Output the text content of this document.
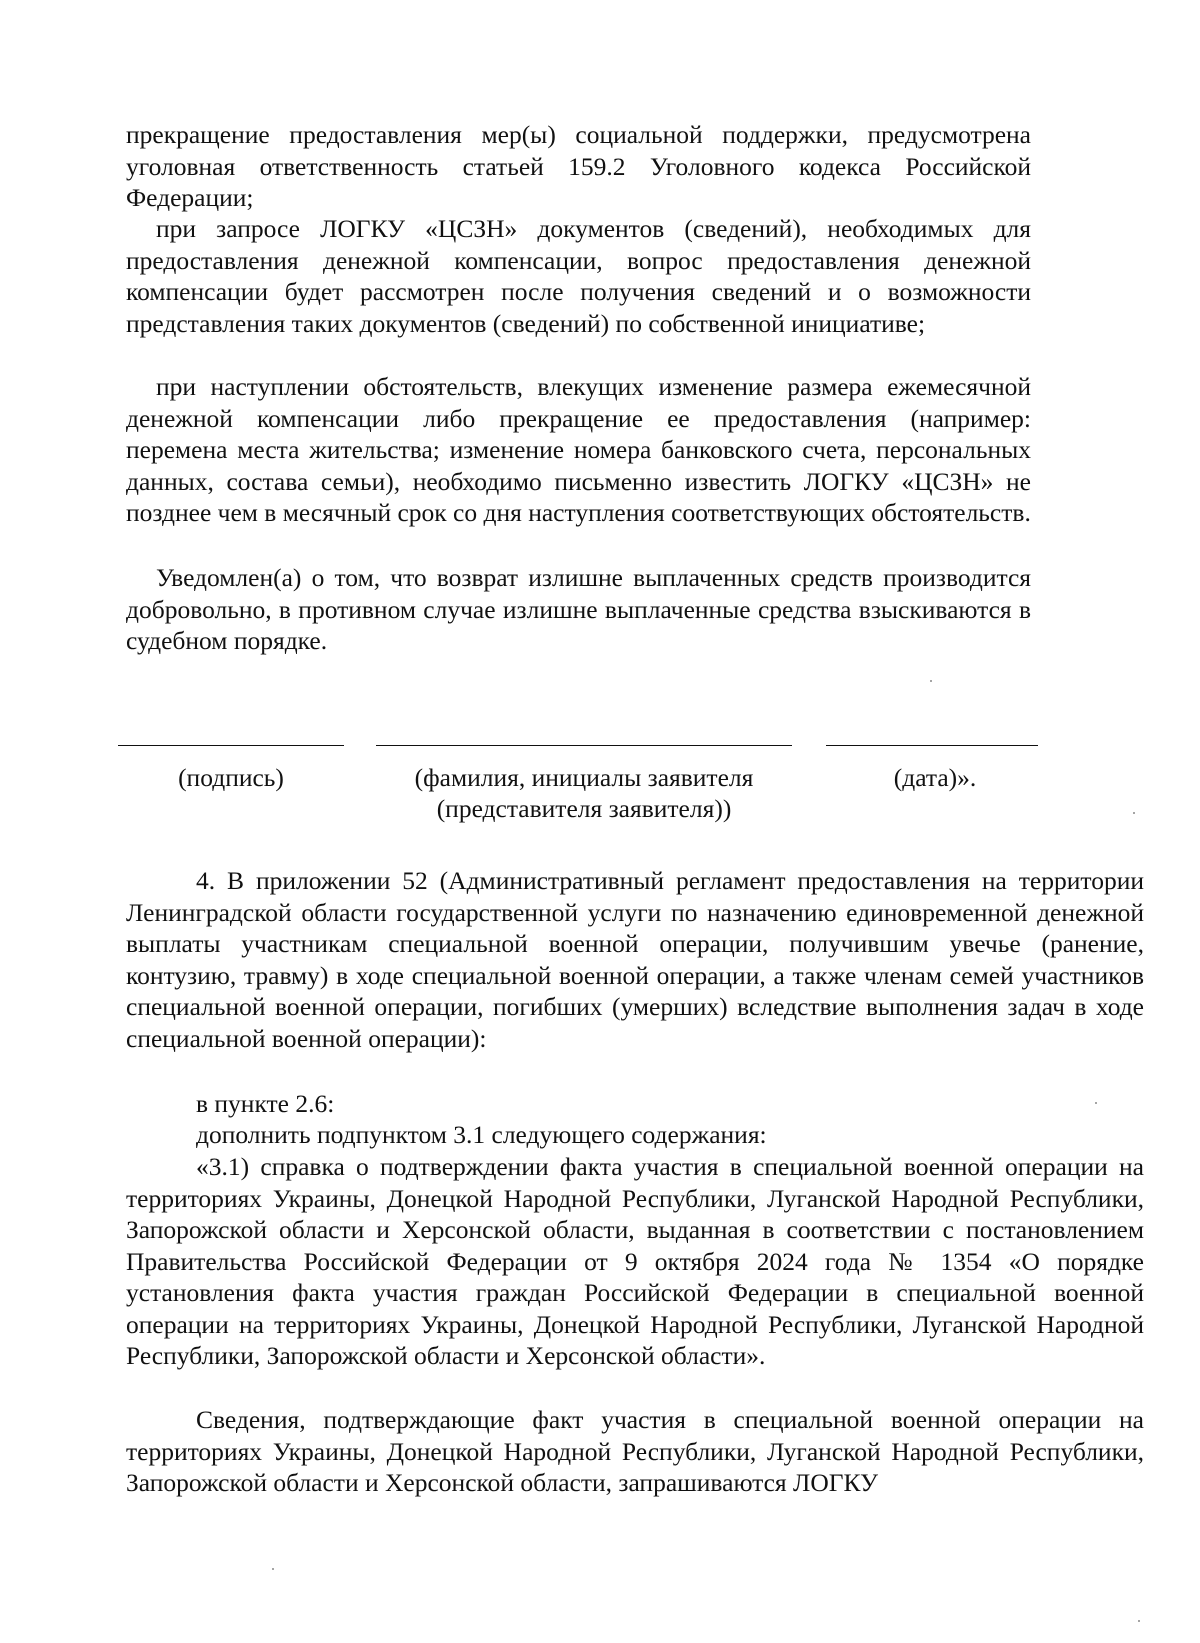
прекращение предоставления мер(ы) социальной поддержки, предусмотрена уголовная ответственность статьей 159.2 Уголовного кодекса Российской Федерации;

при запросе ЛОГКУ «ЦСЗН» документов (сведений), необходимых для предоставления денежной компенсации, вопрос предоставления денежной компенсации будет рассмотрен после получения сведений и о возможности представления таких документов (сведений) по собственной инициативе;

при наступлении обстоятельств, влекущих изменение размера ежемесячной денежной компенсации либо прекращение ее предоставления (например: перемена места жительства; изменение номера банковского счета, персональных данных, состава семьи), необходимо письменно известить ЛОГКУ «ЦСЗН» не позднее чем в месячный срок со дня наступления соответствующих обстоятельств.

Уведомлен(а) о том, что возврат излишне выплаченных средств производится добровольно, в противном случае излишне выплаченные средства взыскиваются в судебном порядке.

(подпись)	(фамилия, инициалы заявителя
(представителя заявителя))
(дата)».

4. В приложении 52 (Административный регламент предоставления на территории Ленинградской области государственной услуги по назначению единовременной денежной выплаты участникам специальной военной операции, получившим увечье (ранение, контузию, травму) в ходе специальной военной операции, а также членам семей участников специальной военной операции, погибших (умерших) вследствие выполнения задач в ходе специальной военной операции):

в пункте 2.6:

дополнить подпунктом 3.1 следующего содержания:

«3.1) справка о подтверждении факта участия в специальной военной операции на территориях Украины, Донецкой Народной Республики, Луганской Народной Республики, Запорожской области и Херсонской области, выданная в соответствии с постановлением Правительства Российской Федерации от 9 октября 2024 года № 1354 «О порядке установления факта участия граждан Российской Федерации в специальной военной операции на территориях Украины, Донецкой Народной Республики, Луганской Народной Республики, Запорожской области и Херсонской области».

Сведения, подтверждающие факт участия в специальной военной операции на территориях Украины, Донецкой Народной Республики, Луганской Народной Республики, Запорожской области и Херсонской области, запрашиваются ЛОГКУ
